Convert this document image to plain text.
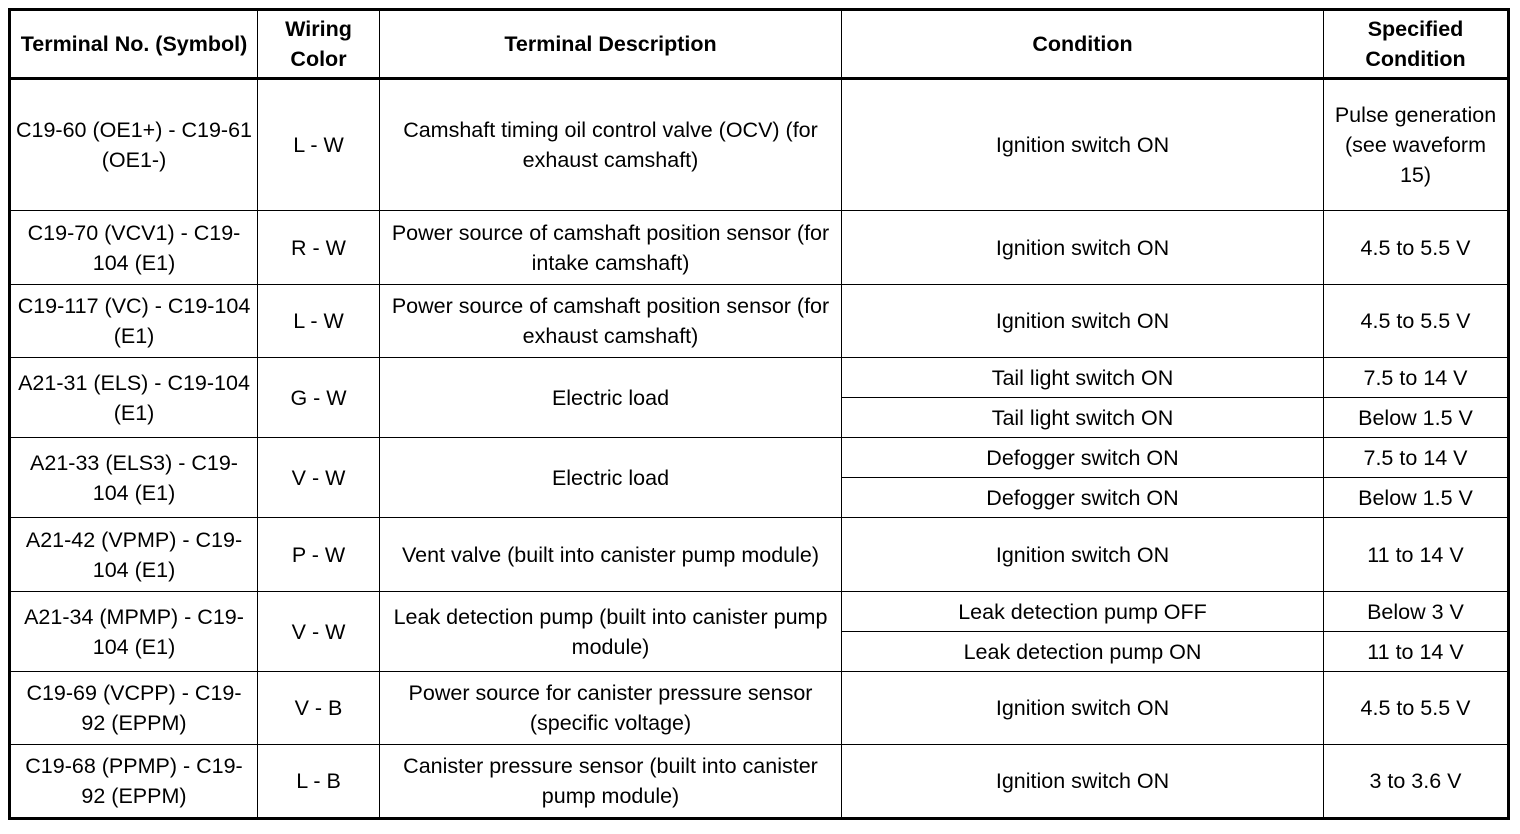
Terminal No. (Symbol)	Wiring Color	Terminal Description	Condition	Specified Condition
C19-60 (OE1+) - C19-61 (OE1-)	L - W	Camshaft timing oil control valve (OCV) (for exhaust camshaft)	Ignition switch ON	Pulse generation (see waveform 15)
C19-70 (VCV1) - C19-104 (E1)	R - W	Power source of camshaft position sensor (for intake camshaft)	Ignition switch ON	4.5 to 5.5 V
C19-117 (VC) - C19-104 (E1)	L - W	Power source of camshaft position sensor (for exhaust camshaft)	Ignition switch ON	4.5 to 5.5 V
A21-31 (ELS) - C19-104 (E1)	G - W	Electric load	Tail light switch ON	7.5 to 14 V
			Tail light switch ON	Below 1.5 V
A21-33 (ELS3) - C19-104 (E1)	V - W	Electric load	Defogger switch ON	7.5 to 14 V
			Defogger switch ON	Below 1.5 V
A21-42 (VPMP) - C19-104 (E1)	P - W	Vent valve (built into canister pump module)	Ignition switch ON	11 to 14 V
A21-34 (MPMP) - C19-104 (E1)	V - W	Leak detection pump (built into canister pump module)	Leak detection pump OFF	Below 3 V
			Leak detection pump ON	11 to 14 V
C19-69 (VCPP) - C19-92 (EPPM)	V - B	Power source for canister pressure sensor (specific voltage)	Ignition switch ON	4.5 to 5.5 V
C19-68 (PPMP) - C19-92 (EPPM)	L - B	Canister pressure sensor (built into canister pump module)	Ignition switch ON	3 to 3.6 V
